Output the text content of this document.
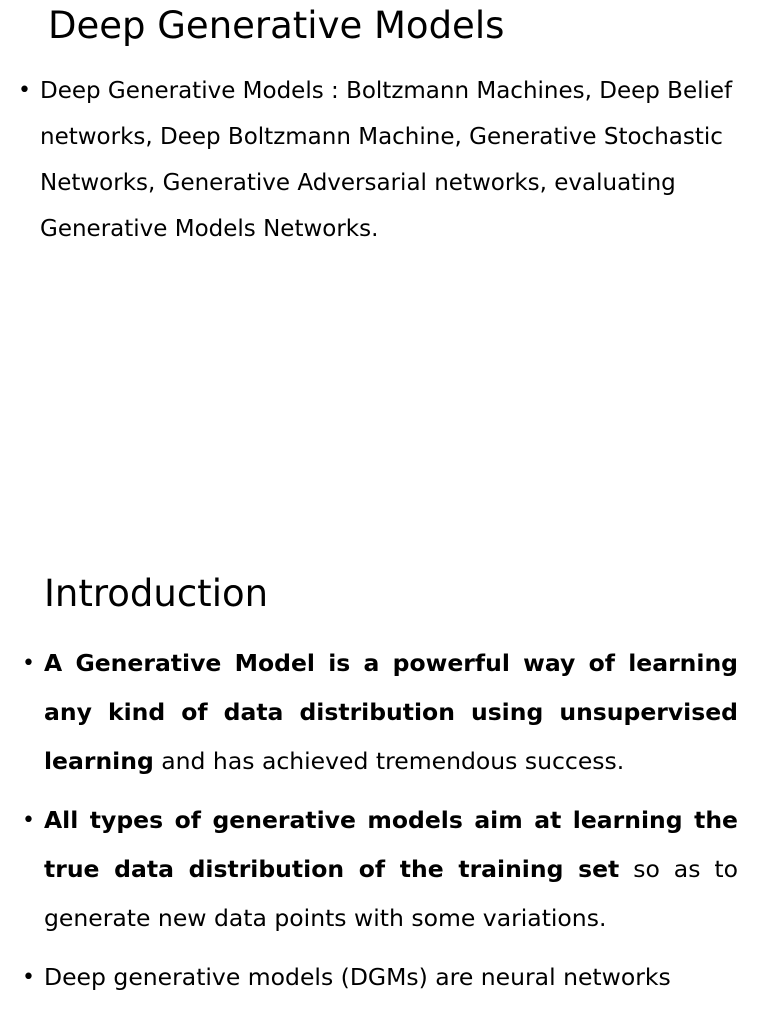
Deep Generative Models
• Deep Generative Models : Boltzmann Machines, Deep Belief networks, Deep Boltzmann Machine, Generative Stochastic Networks, Generative Adversarial networks, evaluating Generative Models Networks.
Introduction
• A Generative Model is a powerful way of learning any kind of data distribution using unsupervised learning and has achieved tremendous success.
• All types of generative models aim at learning the true data distribution of the training set so as to generate new data points with some variations.
• Deep generative models (DGMs) are neural networks
